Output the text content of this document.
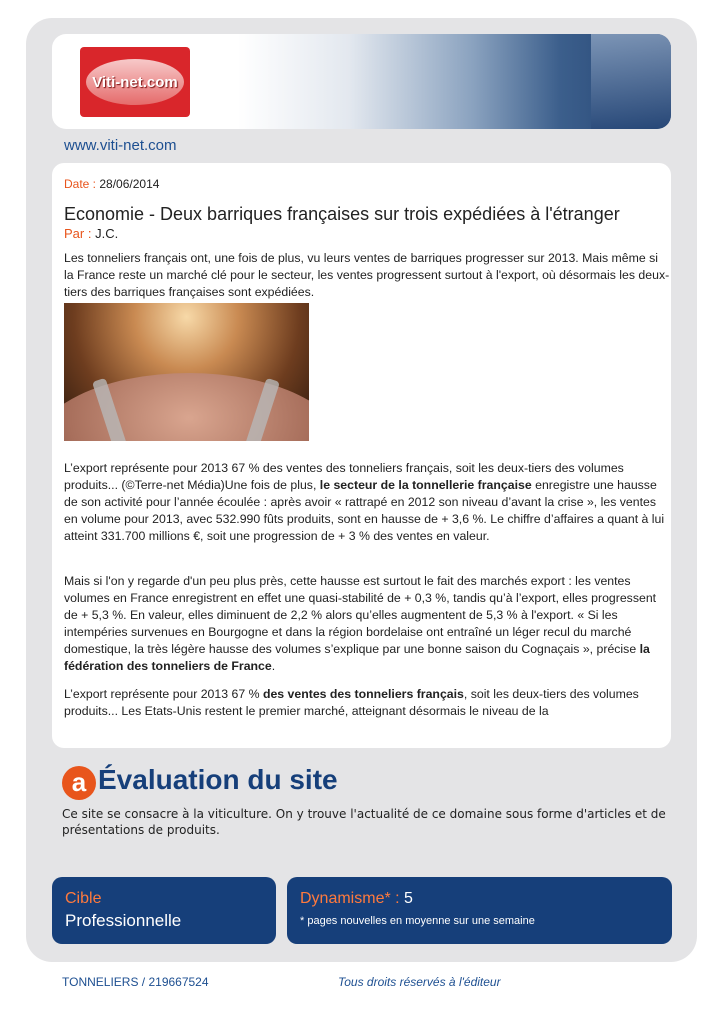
Viti-net.com
www.viti-net.com
Date : 28/06/2014
Economie - Deux barriques françaises sur trois expédiées à l'étranger
Par : J.C.

Les tonneliers français ont, une fois de plus, vu leurs ventes de barriques progresser sur 2013. Mais même si la France reste un marché clé pour le secteur, les ventes progressent surtout à l'export, où désormais les deux-tiers des barriques françaises sont expédiées.

L’export représente pour 2013 67 % des ventes des tonneliers français, soit les deux-tiers des volumes produits... (©Terre-net Média)Une fois de plus, le secteur de la tonnellerie française enregistre une hausse de son activité pour l’année écoulée : après avoir « rattrapé en 2012 son niveau d’avant la crise », les ventes en volume pour 2013, avec 532.990 fûts produits, sont en hausse de + 3,6 %. Le chiffre d’affaires a quant à lui atteint 331.700 millions €, soit une progression de + 3 % des ventes en valeur.

Mais si l'on y regarde d'un peu plus près, cette hausse est surtout le fait des marchés export : les ventes volumes en France enregistrent en effet une quasi-stabilité de + 0,3 %, tandis qu’à l’export, elles progressent de + 5,3 %. En valeur, elles diminuent de 2,2 % alors qu’elles augmentent de 5,3 % à l'export. « Si les intempéries survenues en Bourgogne et dans la région bordelaise ont entraîné un léger recul du marché domestique, la très légère hausse des volumes s’explique par une bonne saison du Cognaçais », précise la fédération des tonneliers de France.

L’export représente pour 2013 67 % des ventes des tonneliers français, soit les deux-tiers des volumes produits... Les Etats-Unis restent le premier marché, atteignant désormais le niveau de la

a Évaluation du site

Ce site se consacre à la viticulture. On y trouve l'actualité de ce domaine sous forme d'articles et de présentations de produits.

Cible
Professionnelle
Dynamisme* : 5
* pages nouvelles en moyenne sur une semaine
TONNELIERS / 219667524	Tous droits réservés à l'éditeur
